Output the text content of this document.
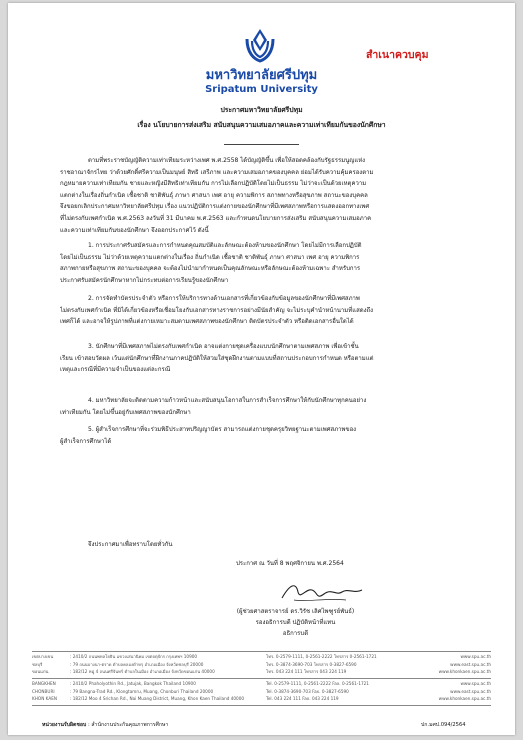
มหาวิทยาลัยศรีปทุม
Sripatum University
สำเนาควบคุม
ประกาศมหาวิทยาลัยศรีปทุม
เรื่อง นโยบายการส่งเสริม สนับสนุนความเสมอภาคและความเท่าเทียมกันของนักศึกษา
ตามที่พระราชบัญญัติความเท่าเทียมระหว่างเพศ พ.ศ.2558 ได้บัญญัติขึ้น เพื่อให้สอดคล้องกับรัฐธรรมนูญแห่ง
ราชอาณาจักรไทย ว่าด้วยศักดิ์ศรีความเป็นมนุษย์ สิทธิ เสรีภาพ และความเสมอภาคของบุคคล ย่อมได้รับความคุ้มครองตาม
กฎหมายความเท่าเทียมกัน ชายและหญิงมีสิทธิเท่าเทียมกัน การไม่เลือกปฏิบัติโดยไม่เป็นธรรม ไม่ว่าจะเป็นด้วยเหตุความ
แตกต่างในเรื่องถิ่นกำเนิด เชื้อชาติ ชาติพันธุ์ ภาษา ศาสนา เพศ อายุ ความพิการ สภาพทางหรือสุขภาพ สถานะของบุคคล
จึงขอยกเลิกประกาศมหาวิทยาลัยศรีปทุม เรื่อง แนวปฏิบัติการแต่งกายของนักศึกษาที่มีเพศสภาพหรือการแสดงออกทางเพศ
ที่ไม่ตรงกับเพศกำเนิด พ.ศ.2563 ลงวันที่ 31 มีนาคม พ.ศ.2563 และกำหนดนโยบายการส่งเสริม สนับสนุนความเสมอภาค
และความเท่าเทียมกันของนักศึกษา จึงออกประกาศไว้ ดังนี้
1. การประกาศรับสมัครและการกำหนดคุณสมบัติและลักษณะต้องห้ามของนักศึกษา โดยไม่มีการเลือกปฏิบัติ
โดยไม่เป็นธรรม ไม่ว่าด้วยเหตุความแตกต่างในเรื่อง ถิ่นกำเนิด เชื้อชาติ ชาติพันธุ์ ภาษา ศาสนา เพศ อายุ ความพิการ
สภาพกายหรือสุขภาพ สถานะของบุคคล จะต้องไม่นำมากำหนดเป็นคุณลักษณะหรือลักษณะต้องห้ามเฉพาะ สำหรับการ
ประกาศรับสมัครนักศึกษาหากไม่กระทบต่อการเรียนรู้ของนักศึกษา
2. การจัดทำบัตรประจำตัว หรือการให้บริการทางด้านเอกสารที่เกี่ยวข้องกับข้อมูลของนักศึกษาที่มีเพศสภาพ
ไม่ตรงกับเพศกำเนิด ที่มิได้เกี่ยวข้องหรือเชื่อมโยงกับเอกสารทางราชการอย่างมีนัยสำคัญ จะไม่ระบุคำนำหน้านามที่แสดงถึง
เพศก็ได้ และอาจให้รูปภาพที่แต่งกายเหมาะสมตามเพศสภาพของนักศึกษา ติดบัตรประจำตัว หรือติดเอกสารอื่นใดได้
3. นักศึกษาที่มีเพศสภาพไม่ตรงกับเพศกำเนิด อาจแต่งกายชุดเครื่องแบบนักศึกษาตามเพศสภาพ เพื่อเข้าชั้น
เรียน เข้าสอบวัดผล เว้นแต่นักศึกษาที่ฝึกงานภาคปฏิบัติให้สวมใส่ชุดฝึกงานตามแบบที่สถานประกอบการกำหนด หรือตามแต่
เหตุและกรณีที่มีความจำเป็นของแต่ละกรณี
4. มหาวิทยาลัยจะติดตามความก้าวหน้าและสนับสนุนโอกาสในการสำเร็จการศึกษาให้กับนักศึกษาทุกคนอย่าง
เท่าเทียมกัน โดยไม่ขึ้นอยู่กับเพศสภาพของนักศึกษา
5. ผู้สำเร็จการศึกษาที่จะร่วมพิธีประสาทปริญญาบัตร สามารถแต่งกายชุดครุยวิทยฐานะตามเพศสภาพของ
ผู้สำเร็จการศึกษาได้
จึงประกาศมาเพื่อทราบโดยทั่วกัน
ประกาศ ณ วันที่ 8 พฤศจิกายน พ.ศ.2564
(ผู้ช่วยศาสตราจารย์ ดร.วิรัช เลิศไพฑูรย์พันธ์)
รองอธิการบดี ปฏิบัติหน้าที่แทน
อธิการบดี
เขตบางเขน	: 2410/2 ถนนพหลโยธิน แขวงเสนานิคม เขตจตุจักร กรุงเทพฯ 10900	โทร. 0-2579-1111, 0-2561-2222 โทรสาร 0-2561-1721	www.spu.ac.th
ชลบุรี	: 79 ถนนบางนา-ตราด ตำบลคลองตำหรุ อำเภอเมือง จังหวัดชลบุรี 20000	โทร. 0-3874-3690-703 โทรสาร 0-3827-6590	www.east.spu.ac.th
ขอนแก่น	: 182/12 หมู่ 4 ถนนศรีจันทร์ ตำบลในเมือง อำเภอเมือง จังหวัดขอนแก่น 40000	โทร. 043 224 111 โทรสาร 043 224 119	www.khonkaen.spu.ac.th
BANGKHEN	: 2410/2 Phaholyothin Rd., Jatujak, Bangkok Thailand 10900	Tel. 0-2579-1111, 0-2561-2222 Fax. 0-2561-1721	www.spu.ac.th
CHONBURI	: 79 Bangna-Trad Rd., Klongtamru, Muang, Chonburi Thailand 20000	Tel. 0-3874-3690-703 Fax. 0-3827-6590	www.east.spu.ac.th
KHON KAEN	: 182/12 Moo 4 Srichan Rd., Nai Muang District, Muang, Khon Kaen Thailand 40000	Tel. 043 224 111 Fax. 043 224 119	www.khonkaen.spu.ac.th
หน่วยงานรับผิดชอบ : สำนักงานประกันคุณภาพการศึกษา	ปก.มศป.094/2564
